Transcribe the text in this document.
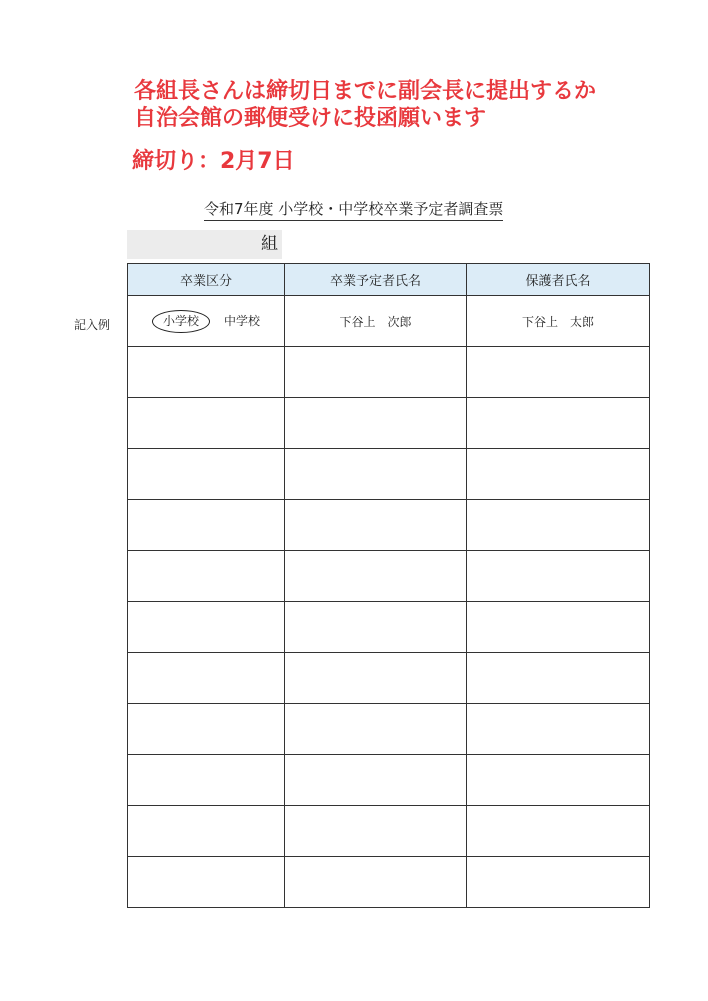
各組長さんは締切日までに副会長に提出するか
自治会館の郵便受けに投函願います
締切り：2月7日
令和7年度 小学校・中学校卒業予定者調査票
組
記入例
卒業区分	卒業予定者氏名	保護者氏名
小学校 中学校	下谷上　次郎	下谷上　太郎
